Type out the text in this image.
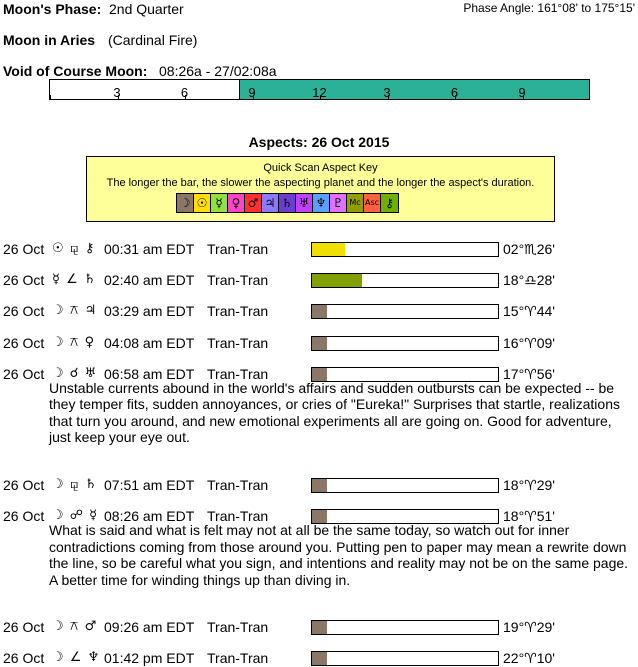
Moon's Phase: 2nd Quarter	Phase Angle: 161°08' to 175°15'
Moon in Aries (Cardinal Fire)
Void of Course Moon: 08:26a - 27/02:08a
3	6	9	12	3	6	9
Aspects: 26 Oct 2015
Quick Scan Aspect Key
The longer the bar, the slower the aspecting planet and the longer the aspect's duration.
☽ ☉ ☿ ♀ ♂ ♃ ♄ ♅ ♆ ♇ Mc Asc ⚷
26 Oct ☉ ⚼ ⚷ 00:31 am EDT Tran-Tran	02°♏26'
26 Oct ☿ ∠ ♄ 02:40 am EDT Tran-Tran	18°♎28'
26 Oct ☽ ⚻ ♃ 03:29 am EDT Tran-Tran	15°♈44'
26 Oct ☽ ⚻ ♀ 04:08 am EDT Tran-Tran	16°♈09'
26 Oct ☽ ☌ ♅ 06:58 am EDT Tran-Tran	17°♈56'
Unstable currents abound in the world's affairs and sudden outbursts can be expected -- be they temper fits, sudden annoyances, or cries of "Eureka!" Surprises that startle, realizations that turn you around, and new emotional experiments all are going on. Good for adventure, just keep your eye out.
26 Oct ☽ ⚼ ♄ 07:51 am EDT Tran-Tran	18°♈29'
26 Oct ☽ ☍ ☿ 08:26 am EDT Tran-Tran	18°♈51'
What is said and what is felt may not at all be the same today, so watch out for inner contradictions coming from those around you. Putting pen to paper may mean a rewrite down the line, so be careful what you sign, and intentions and reality may not be on the same page. A better time for winding things up than diving in.
26 Oct ☽ ⚻ ♂ 09:26 am EDT Tran-Tran	19°♈29'
26 Oct ☽ ∠ ♆ 01:42 pm EDT Tran-Tran	22°♈10'
